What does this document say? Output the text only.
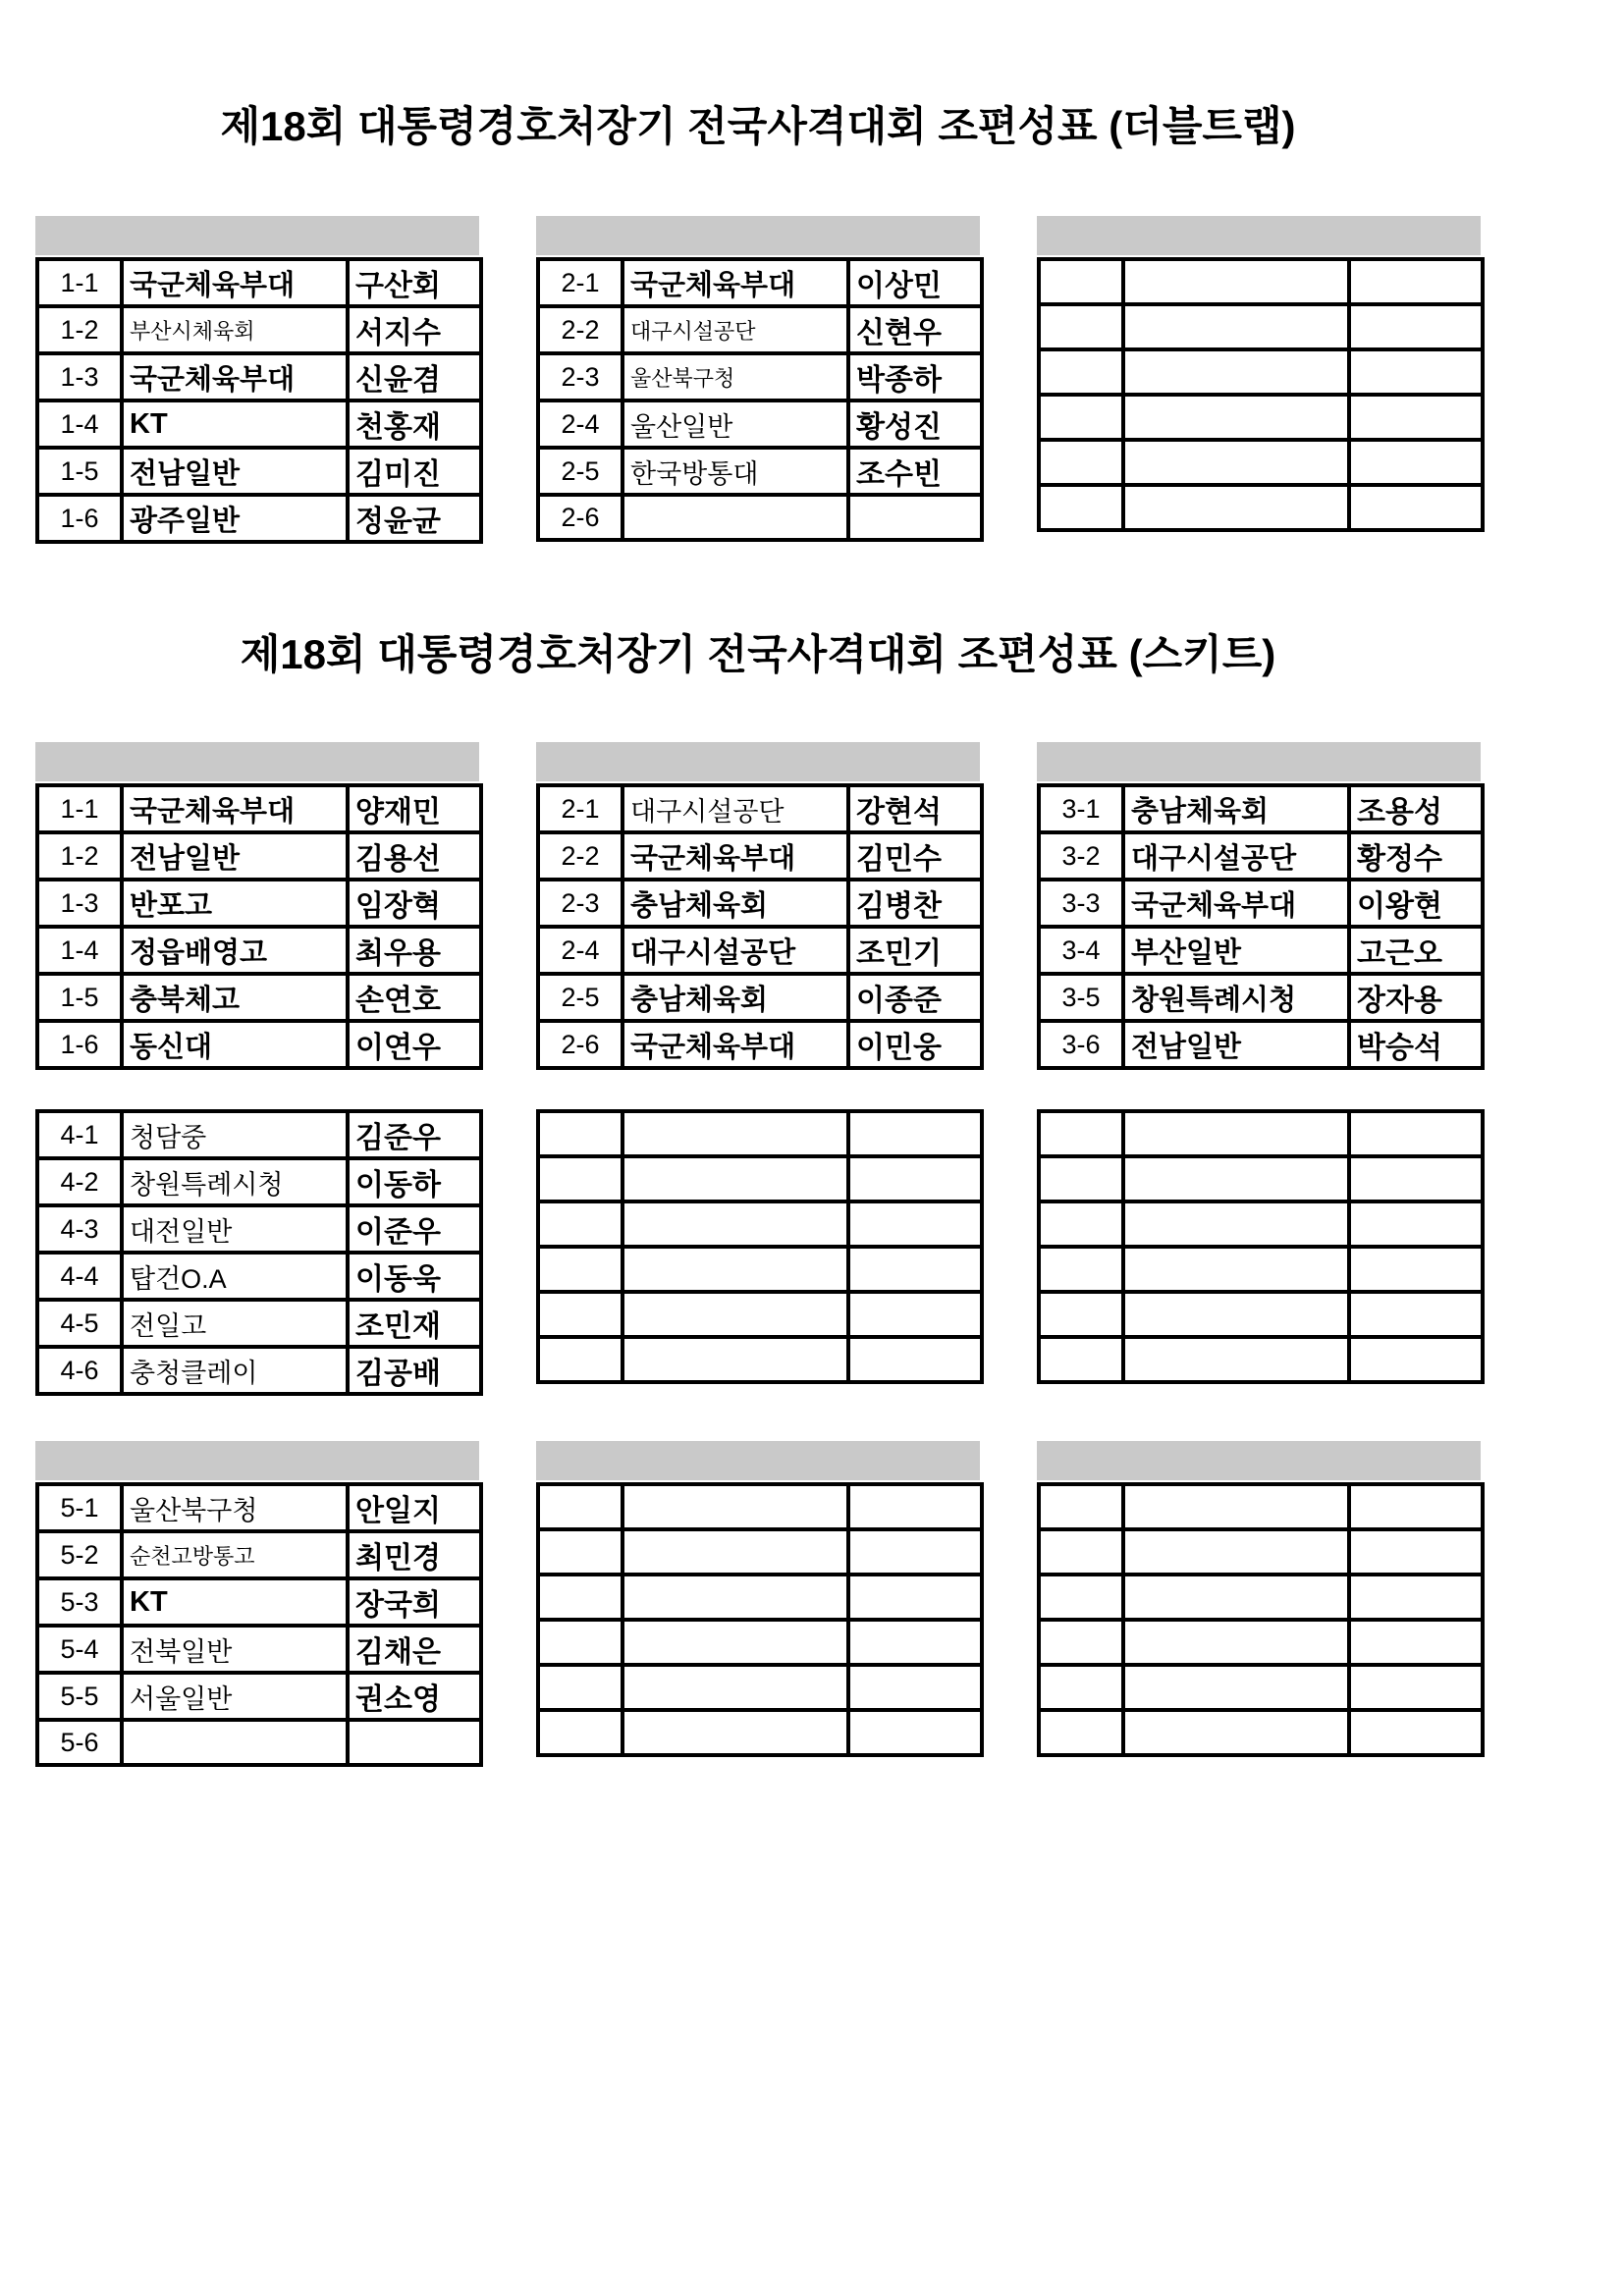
제18회 대통령경호처장기 전국사격대회 조편성표 (더블트랩)
1-1	국군체육부대	구산회
1-2	부산시체육회	서지수
1-3	국군체육부대	신윤겸
1-4	KT	천홍재
1-5	전남일반	김미진
1-6	광주일반	정윤균
2-1	국군체육부대	이상민
2-2	대구시설공단	신현우
2-3	울산북구청	박종하
2-4	울산일반	황성진
2-5	한국방통대	조수빈
2-6		

제18회 대통령경호처장기 전국사격대회 조편성표 (스키트)
1-1	국군체육부대	양재민
1-2	전남일반	김용선
1-3	반포고	임장혁
1-4	정읍배영고	최우용
1-5	충북체고	손연호
1-6	동신대	이연우
2-1	대구시설공단	강현석
2-2	국군체육부대	김민수
2-3	충남체육회	김병찬
2-4	대구시설공단	조민기
2-5	충남체육회	이종준
2-6	국군체육부대	이민웅
3-1	충남체육회	조용성
3-2	대구시설공단	황정수
3-3	국군체육부대	이왕현
3-4	부산일반	고근오
3-5	창원특례시청	장자용
3-6	전남일반	박승석
4-1	청담중	김준우
4-2	창원특례시청	이동하
4-3	대전일반	이준우
4-4	탑건O.A	이동욱
4-5	전일고	조민재
4-6	충청클레이	김공배

5-1	울산북구청	안일지
5-2	순천고방통고	최민경
5-3	KT	장국희
5-4	전북일반	김채은
5-5	서울일반	권소영
5-6		
